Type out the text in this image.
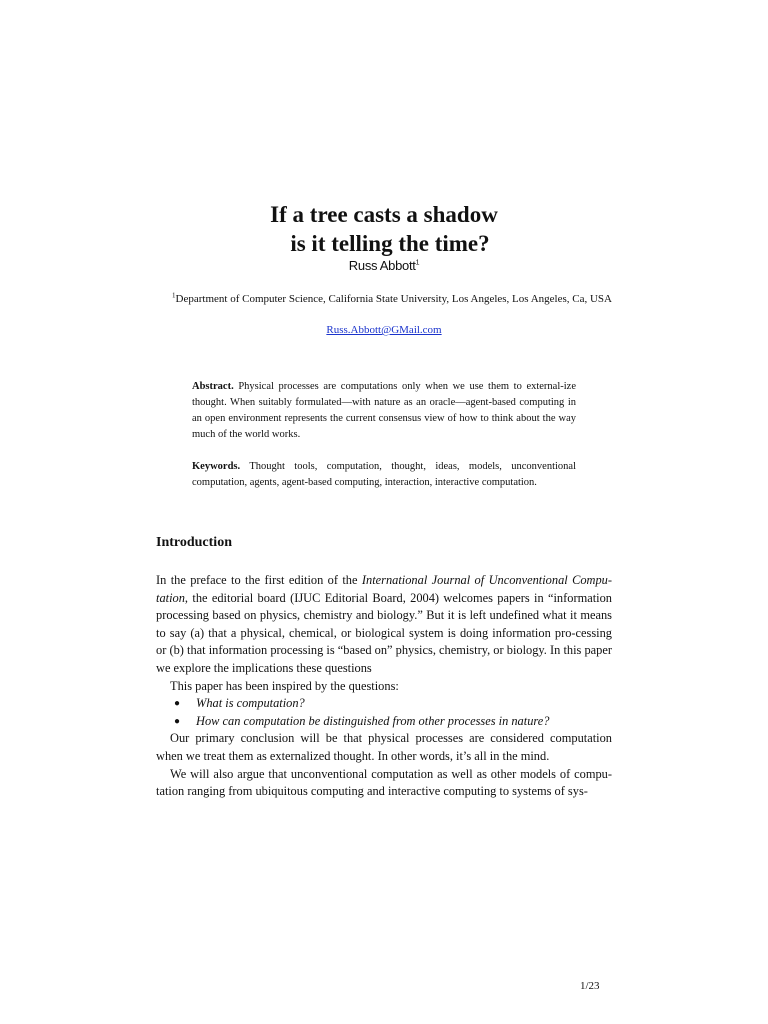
If a tree casts a shadow
is it telling the time?
Russ Abbott$^1$
$^1$Department of Computer Science, California State University, Los Angeles, Los Angeles, Ca, USA
Russ.Abbott@GMail.com
Abstract. Physical processes are computations only when we use them to external-ize thought. When suitably formulated—with nature as an oracle—agent-based computing in an open environment represents the current consensus view of how to think about the way much of the world works.
Keywords. Thought tools, computation, thought, ideas, models, unconventional computation, agents, agent-based computing, interaction, interactive computation.
Introduction

In the preface to the first edition of the International Journal of Unconventional Compu-tation, the editorial board (IJUC Editorial Board, 2004) welcomes papers in “information processing based on physics, chemistry and biology.” But it is left undefined what it means to say (a) that a physical, chemical, or biological system is doing information pro-cessing or (b) that information processing is “based on” physics, chemistry, or biology. In this paper we explore the implications these questions

This paper has been inspired by the questions:

● What is computation?
● How can computation be distinguished from other processes in nature?

Our primary conclusion will be that physical processes are considered computation when we treat them as externalized thought. In other words, it’s all in the mind.

We will also argue that unconventional computation as well as other models of compu-tation ranging from ubiquitous computing and interactive computing to systems of sys-

1/23
